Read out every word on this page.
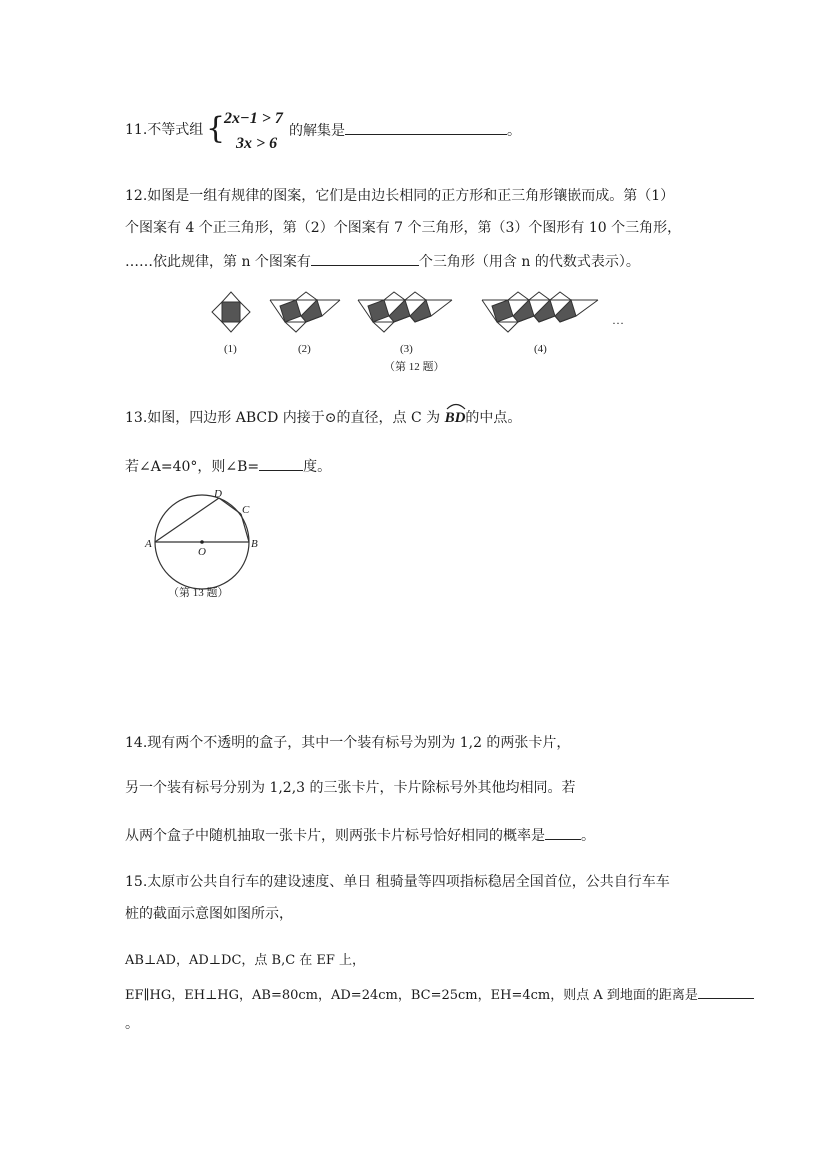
11.不等式组 {
2x−1 > 7
3x > 6
的解集是	。
12.如图是一组有规律的图案，它们是由边长相同的正方形和正三角形镶嵌而成。第（1）
个图案有 4 个正三角形，第（2）个图案有 7 个三角形，第（3）个图形有 10 个三角形，
……依此规律，第 n 个图案有	个三角形（用含 n 的代数式表示）。
(1)	(2)	(3)	(4)
…
（第 12 题）
13.如图，四边形 ABCD 内接于⊙的直径，点 C 为 BD的中点。
若∠A=40°，则∠B=	度。
A	B
C
D
O
（第 13 题）
14.现有两个不透明的盒子，其中一个装有标号为别为 1,2 的两张卡片，
另一个装有标号分别为 1,2,3 的三张卡片，卡片除标号外其他均相同。若
从两个盒子中随机抽取一张卡片，则两张卡片标号恰好相同的概率是	。
15.太原市公共自行车的建设速度、单日 租骑量等四项指标稳居全国首位，公共自行车车
桩的截面示意图如图所示，
AB⊥AD，AD⊥DC，点 B,C 在 EF 上，
EF∥HG，EH⊥HG，AB=80cm，AD=24cm，BC=25cm，EH=4cm，则点 A 到地面的距离是
。
